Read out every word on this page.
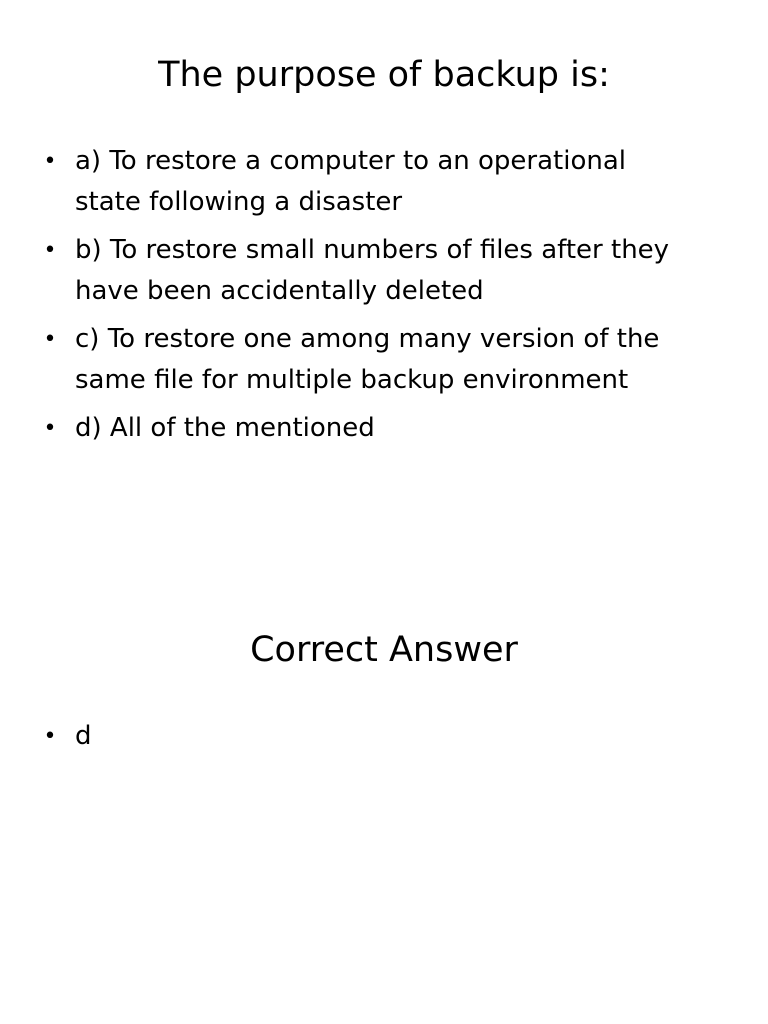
The purpose of backup is:
• a) To restore a computer to an operational
state following a disaster
• b) To restore small numbers of files after they
have been accidentally deleted
• c) To restore one among many version of the
same file for multiple backup environment
• d) All of the mentioned
Correct Answer
• d
